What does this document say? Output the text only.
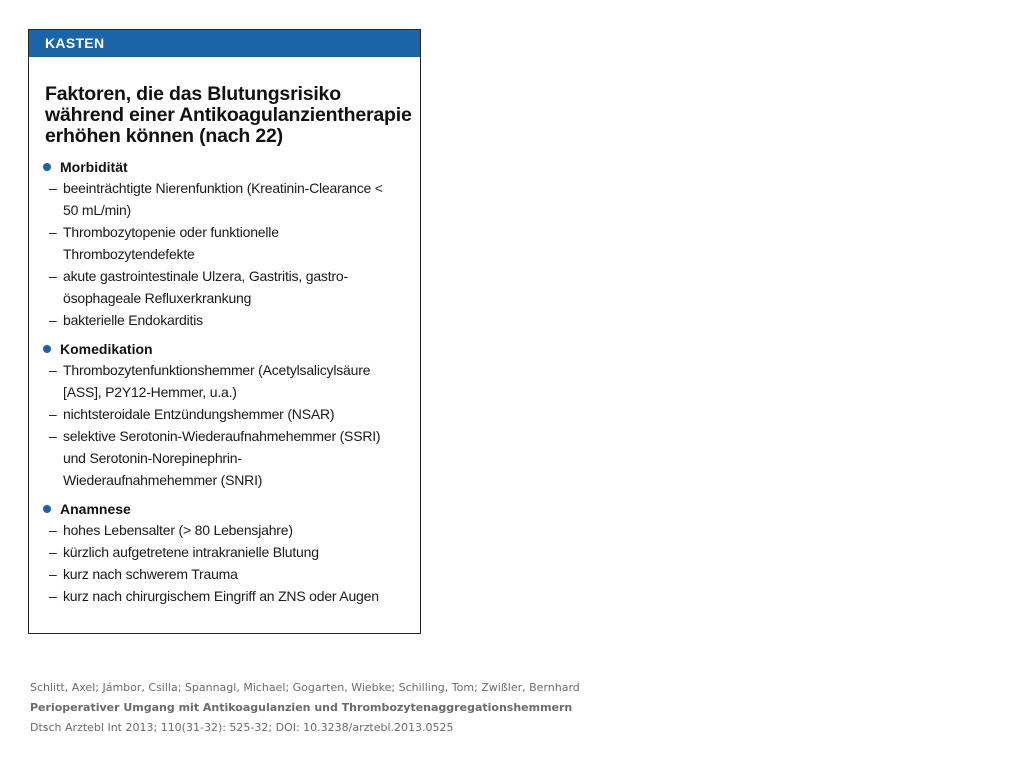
KASTEN
Faktoren, die das Blutungsrisiko während einer Antikoagulanzientherapie erhöhen können (nach 22)
Morbidität
– beeinträchtigte Nierenfunktion (Kreatinin-Clearance < 50 mL/min)
– Thrombozytopenie oder funktionelle Thrombozytendefekte
– akute gastrointestinale Ulzera, Gastritis, gastro-ösophageale Refluxerkrankung
– bakterielle Endokarditis
Komedikation
– Thrombozytenfunktionshemmer (Acetylsalicylsäure [ASS], P2Y12-Hemmer, u.a.)
– nichtsteroidale Entzündungshemmer (NSAR)
– selektive Serotonin-Wiederaufnahmehemmer (SSRI) und Serotonin-Norepinephrin-Wiederaufnahmehemmer (SNRI)
Anamnese
– hohes Lebensalter (> 80 Lebensjahre)
– kürzlich aufgetretene intrakranielle Blutung
– kurz nach schwerem Trauma
– kurz nach chirurgischem Eingriff an ZNS oder Augen
Schlitt, Axel; Jámbor, Csilla; Spannagl, Michael; Gogarten, Wiebke; Schilling, Tom; Zwißler, Bernhard
Perioperativer Umgang mit Antikoagulanzien und Thrombozytenaggregationshemmern
Dtsch Arztebl Int 2013; 110(31-32): 525-32; DOI: 10.3238/arztebl.2013.0525
